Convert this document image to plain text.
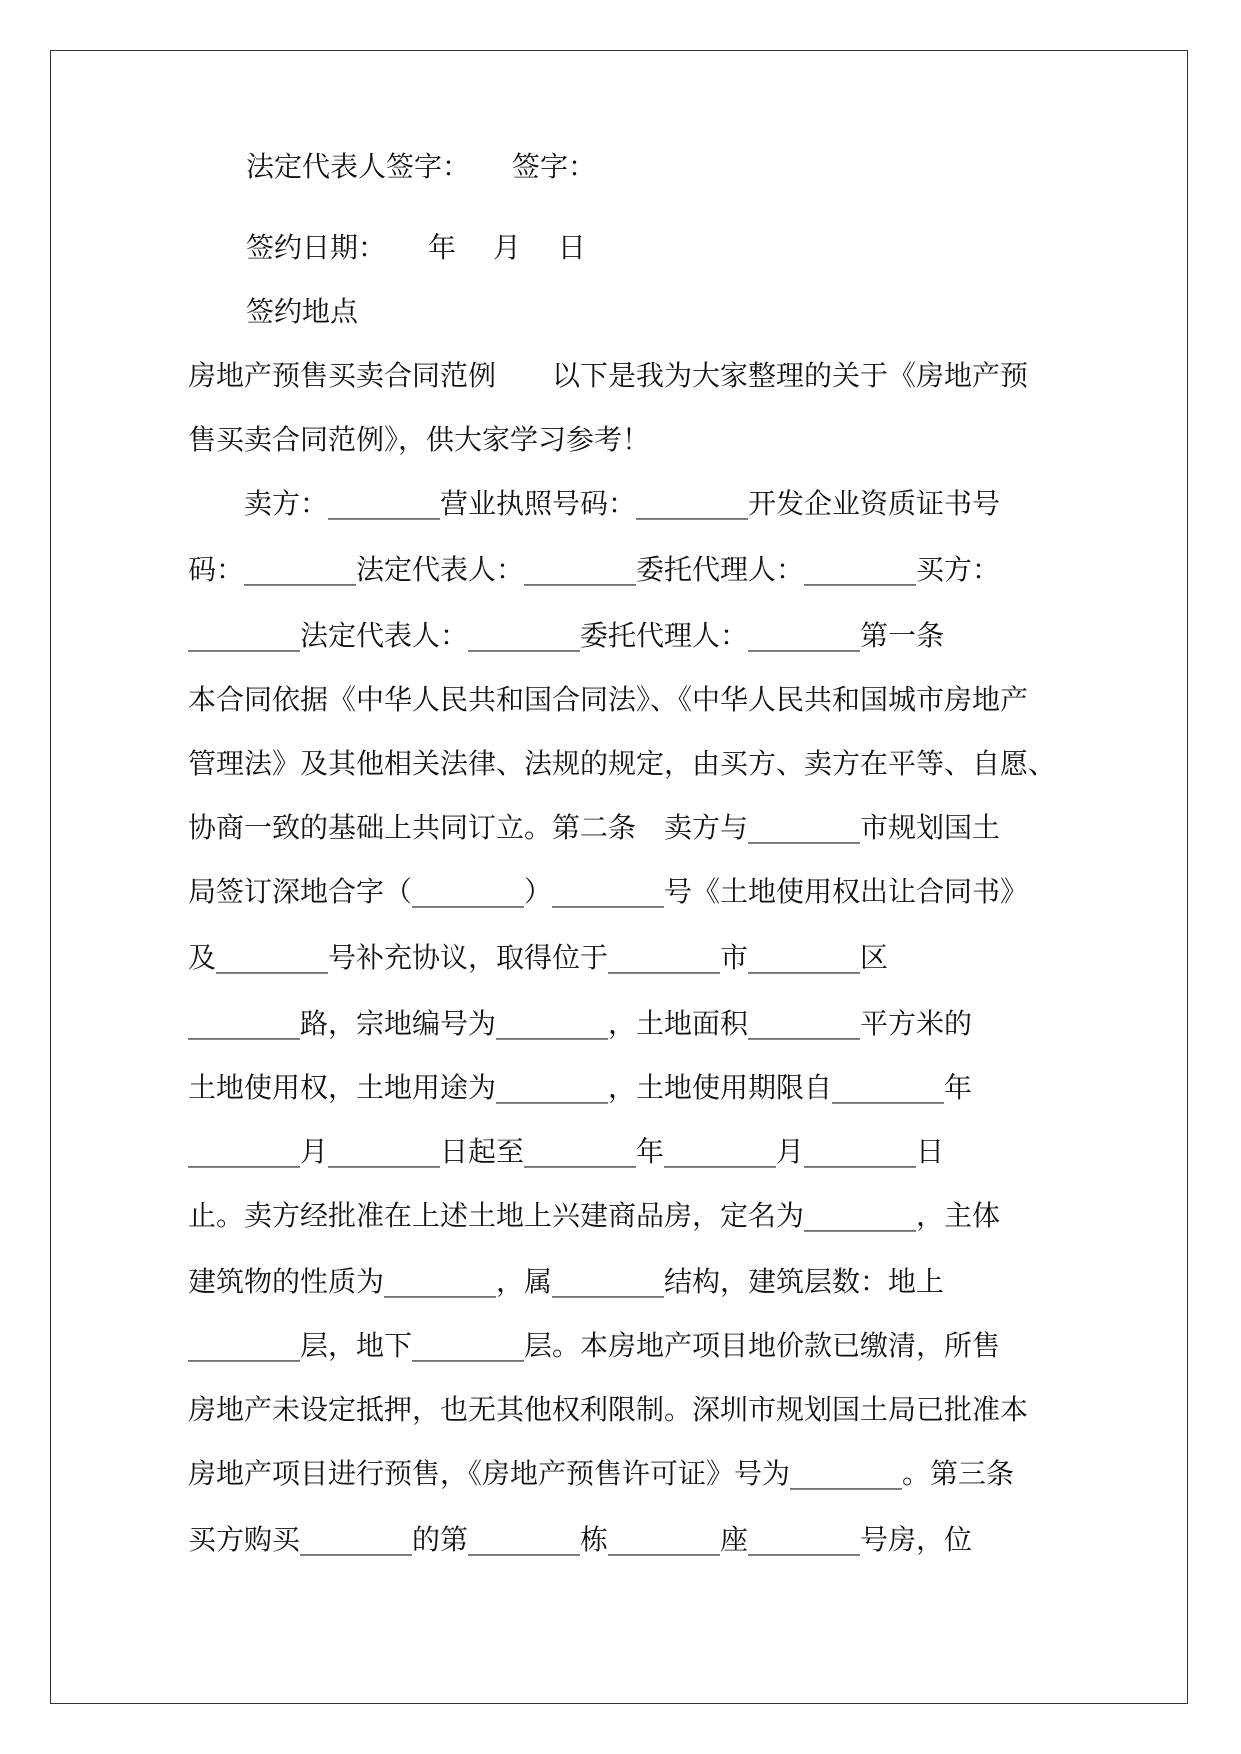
法定代表人签字：　　签字：
签约日期：　　年　 月　 日
签约地点
房地产预售买卖合同范例　　以下是我为大家整理的关于《房地产预
售买卖合同范例》，供大家学习参考！
　　卖方：________营业执照号码：________开发企业资质证书号
码：________法定代表人：________委托代理人：________买方：
________法定代表人：________委托代理人：________第一条
本合同依据《中华人民共和国合同法》、《中华人民共和国城市房地产
管理法》及其他相关法律、法规的规定，由买方、卖方在平等、自愿、
协商一致的基础上共同订立。第二条　卖方与________市规划国土
局签订深地合字（________）________号《土地使用权出让合同书》
及________号补充协议，取得位于________市________区
________路，宗地编号为________，土地面积________平方米的
土地使用权，土地用途为________，土地使用期限自________年
________月________日起至________年________月________日
止。卖方经批准在上述土地上兴建商品房，定名为________，主体
建筑物的性质为________，属________结构，建筑层数：地上
________层，地下________层。本房地产项目地价款已缴清，所售
房地产未设定抵押，也无其他权利限制。深圳市规划国土局已批准本
房地产项目进行预售，《房地产预售许可证》号为________。第三条
买方购买________的第________栋________座________号房，位
